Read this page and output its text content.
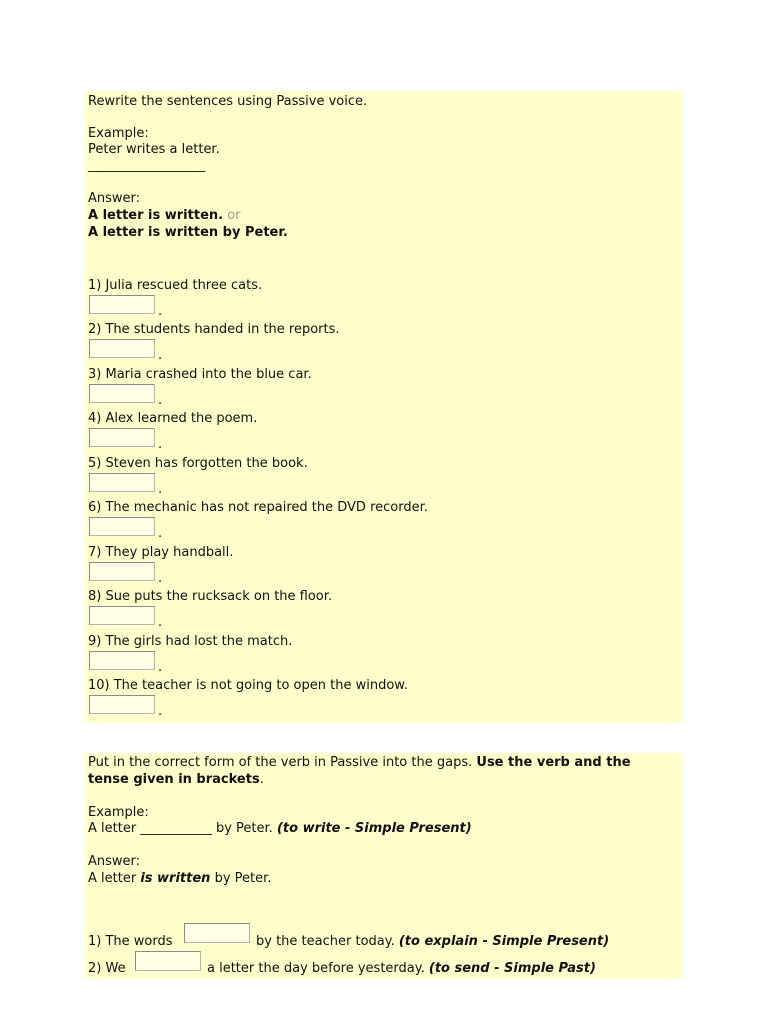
Rewrite the sentences using Passive voice.
Example:
Peter writes a letter.
__________________
Answer:
A letter is written. or
A letter is written by Peter.
1) Julia rescued three cats.
.
2) The students handed in the reports.
.
3) Maria crashed into the blue car.
.
4) Alex learned the poem.
.
5) Steven has forgotten the book.
.
6) The mechanic has not repaired the DVD recorder.
.
7) They play handball.
.
8) Sue puts the rucksack on the floor.
.
9) The girls had lost the match.
.
10) The teacher is not going to open the window.
.
Put in the correct form of the verb in Passive into the gaps. Use the verb and the
tense given in brackets.
Example:
A letter ___________ by Peter. (to write - Simple Present)
Answer:
A letter is written by Peter.
1) The words	by the teacher today. (to explain - Simple Present)
2) We	a letter the day before yesterday. (to send - Simple Past)
